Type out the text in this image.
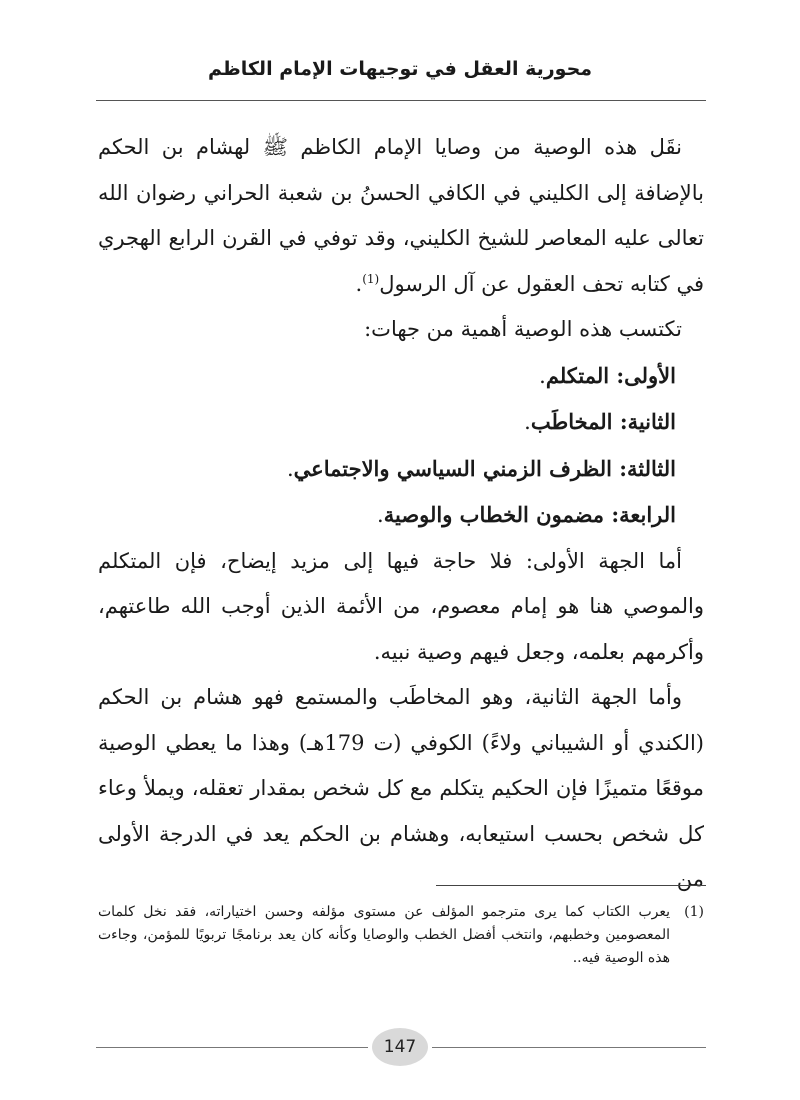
محورية العقل في توجيهات الإمام الكاظم

نقَل هذه الوصية من وصايا الإمام الكاظم ﷺ لهشام بن الحكم بالإضافة إلى الكليني في الكافي الحسنُ بن شعبة الحراني رضوان الله تعالى عليه المعاصر للشيخ الكليني، وقد توفي في القرن الرابع الهجري في كتابه تحف العقول عن آل الرسول$^{(1)}$.

تكتسب هذه الوصية أهمية من جهات:

الأولى: المتكلم.

الثانية: المخاطَب.

الثالثة: الظرف الزمني السياسي والاجتماعي.

الرابعة: مضمون الخطاب والوصية.

أما الجهة الأولى: فلا حاجة فيها إلى مزيد إيضاح، فإن المتكلم والموصي هنا هو إمام معصوم، من الأئمة الذين أوجب الله طاعتهم، وأكرمهم بعلمه، وجعل فيهم وصية نبيه.

وأما الجهة الثانية، وهو المخاطَب والمستمع فهو هشام بن الحكم (الكندي أو الشيباني ولاءً) الكوفي (ت 179هـ) وهذا ما يعطي الوصية موقعًا متميزًا فإن الحكيم يتكلم مع كل شخص بمقدار تعقله، ويملأ وعاء كل شخص بحسب استيعابه، وهشام بن الحكم يعد في الدرجة الأولى من

(1)يعرب الكتاب كما يرى مترجمو المؤلف عن مستوى مؤلفه وحسن اختياراته، فقد نخل كلمات المعصومين وخطبهم، وانتخب أفضل الخطب والوصايا وكأنه كان يعد برنامجًا تربويًا للمؤمن، وجاءت هذه الوصية فيه..
147
